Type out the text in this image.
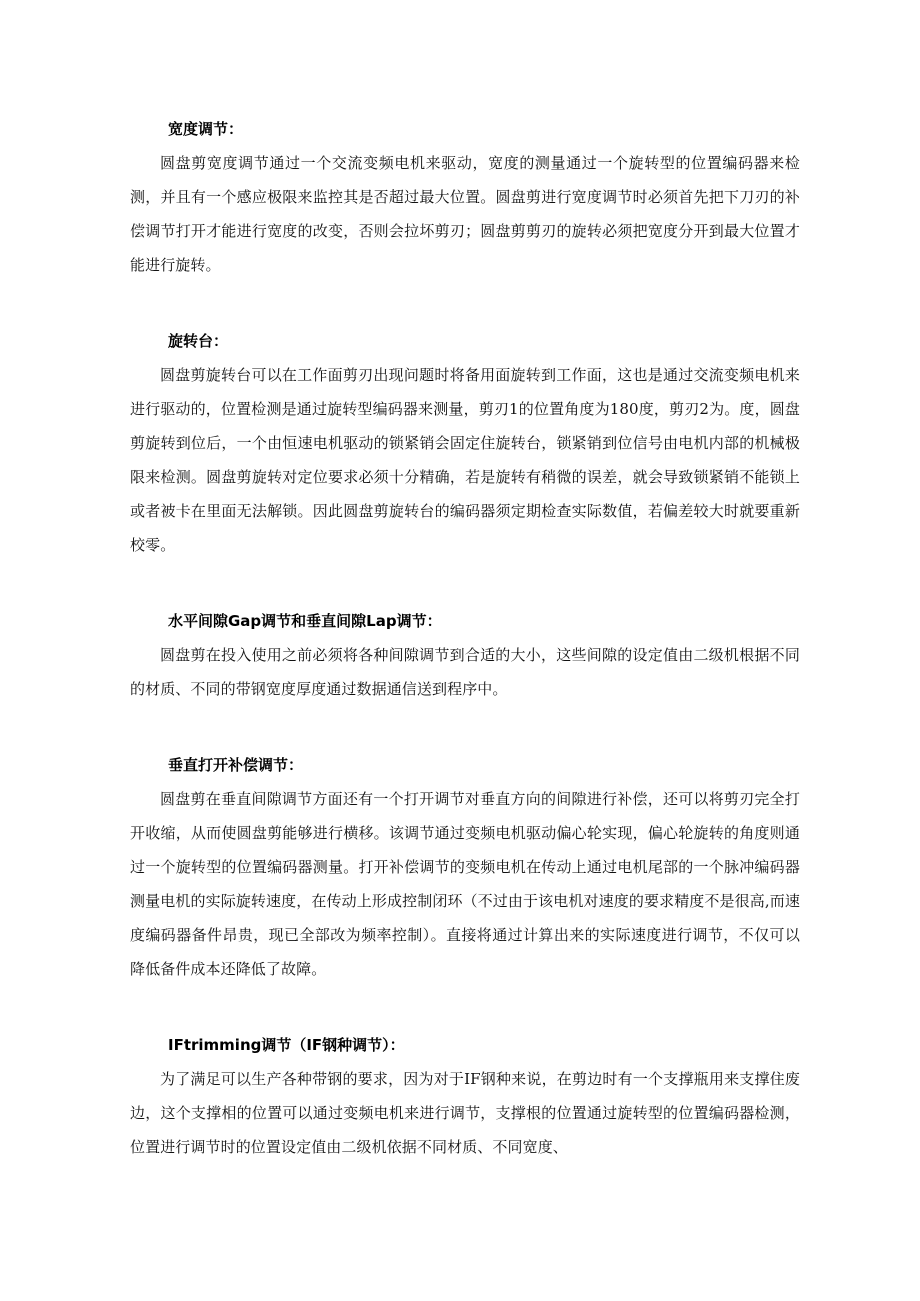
宽度调节：

圆盘剪宽度调节通过一个交流变频电机来驱动，宽度的测量通过一个旋转型的位置编码器来检测，并且有一个感应极限来监控其是否超过最大位置。圆盘剪进行宽度调节时必须首先把下刀刃的补偿调节打开才能进行宽度的改变，否则会拉坏剪刃；圆盘剪剪刃的旋转必须把宽度分开到最大位置才能进行旋转。

旋转台：

圆盘剪旋转台可以在工作面剪刃出现问题时将备用面旋转到工作面，这也是通过交流变频电机来进行驱动的，位置检测是通过旋转型编码器来测量，剪刃1的位置角度为180度，剪刃2为。度，圆盘剪旋转到位后，一个由恒速电机驱动的锁紧销会固定住旋转台，锁紧销到位信号由电机内部的机械极限来检测。圆盘剪旋转对定位要求必须十分精确，若是旋转有稍微的误差，就会导致锁紧销不能锁上或者被卡在里面无法解锁。因此圆盘剪旋转台的编码器须定期检查实际数值，若偏差较大时就要重新校零。

水平间隙Gap调节和垂直间隙Lap调节：

圆盘剪在投入使用之前必须将各种间隙调节到合适的大小，这些间隙的设定值由二级机根据不同的材质、不同的带钢宽度厚度通过数据通信送到程序中。

垂直打开补偿调节：

圆盘剪在垂直间隙调节方面还有一个打开调节对垂直方向的间隙进行补偿，还可以将剪刃完全打开收缩，从而使圆盘剪能够进行横移。该调节通过变频电机驱动偏心轮实现，偏心轮旋转的角度则通过一个旋转型的位置编码器测量。打开补偿调节的变频电机在传动上通过电机尾部的一个脉冲编码器测量电机的实际旋转速度，在传动上形成控制闭环（不过由于该电机对速度的要求精度不是很高,而速度编码器备件昂贵，现已全部改为频率控制）。直接将通过计算出来的实际速度进行调节，不仅可以降低备件成本还降低了故障。

IFtrimming调节（IF钢种调节）：

为了满足可以生产各种带钢的要求，因为对于IF钢种来说，在剪边时有一个支撑瓶用来支撑住废边，这个支撑相的位置可以通过变频电机来进行调节，支撑根的位置通过旋转型的位置编码器检测，位置进行调节时的位置设定值由二级机依据不同材质、不同宽度、
